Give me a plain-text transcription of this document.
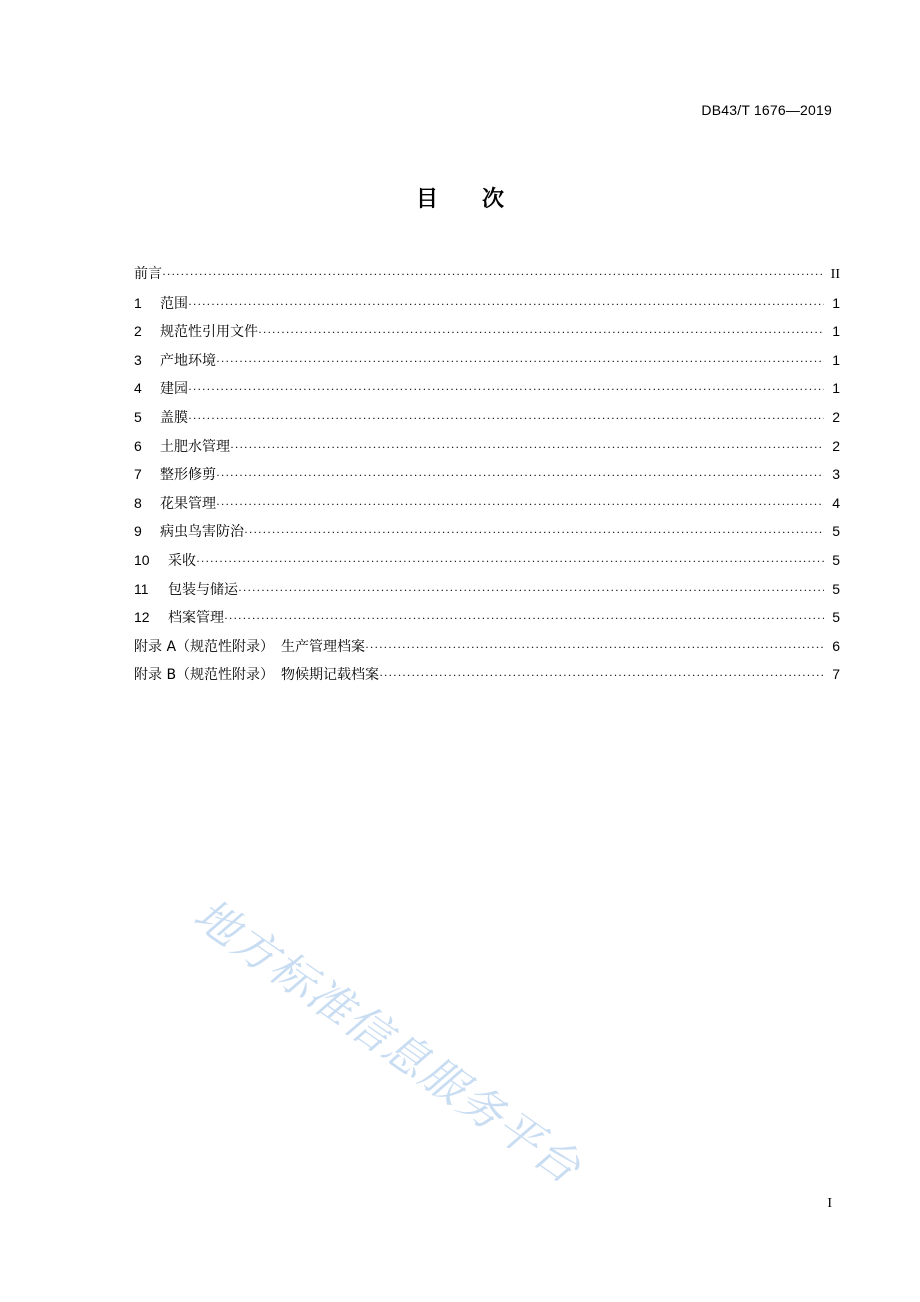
DB43/T 1676—2019
目 次
前言 ·····	II
1 范围 ·····	1
2 规范性引用文件 ·····	1
3 产地环境 ·····	1
4 建园 ·····	1
5 盖膜 ·····	2
6 土肥水管理 ·····	2
7 整形修剪 ·····	3
8 花果管理 ·····	4
9 病虫鸟害防治 ·····	5
10 采收 ·····	5
11 包装与储运 ·····	5
12 档案管理 ·····	5
附录 A（规范性附录）　生产管理档案 ·····	6
附录 B（规范性附录）　物候期记载档案 ·····	7
地方标准信息服务平台
I
